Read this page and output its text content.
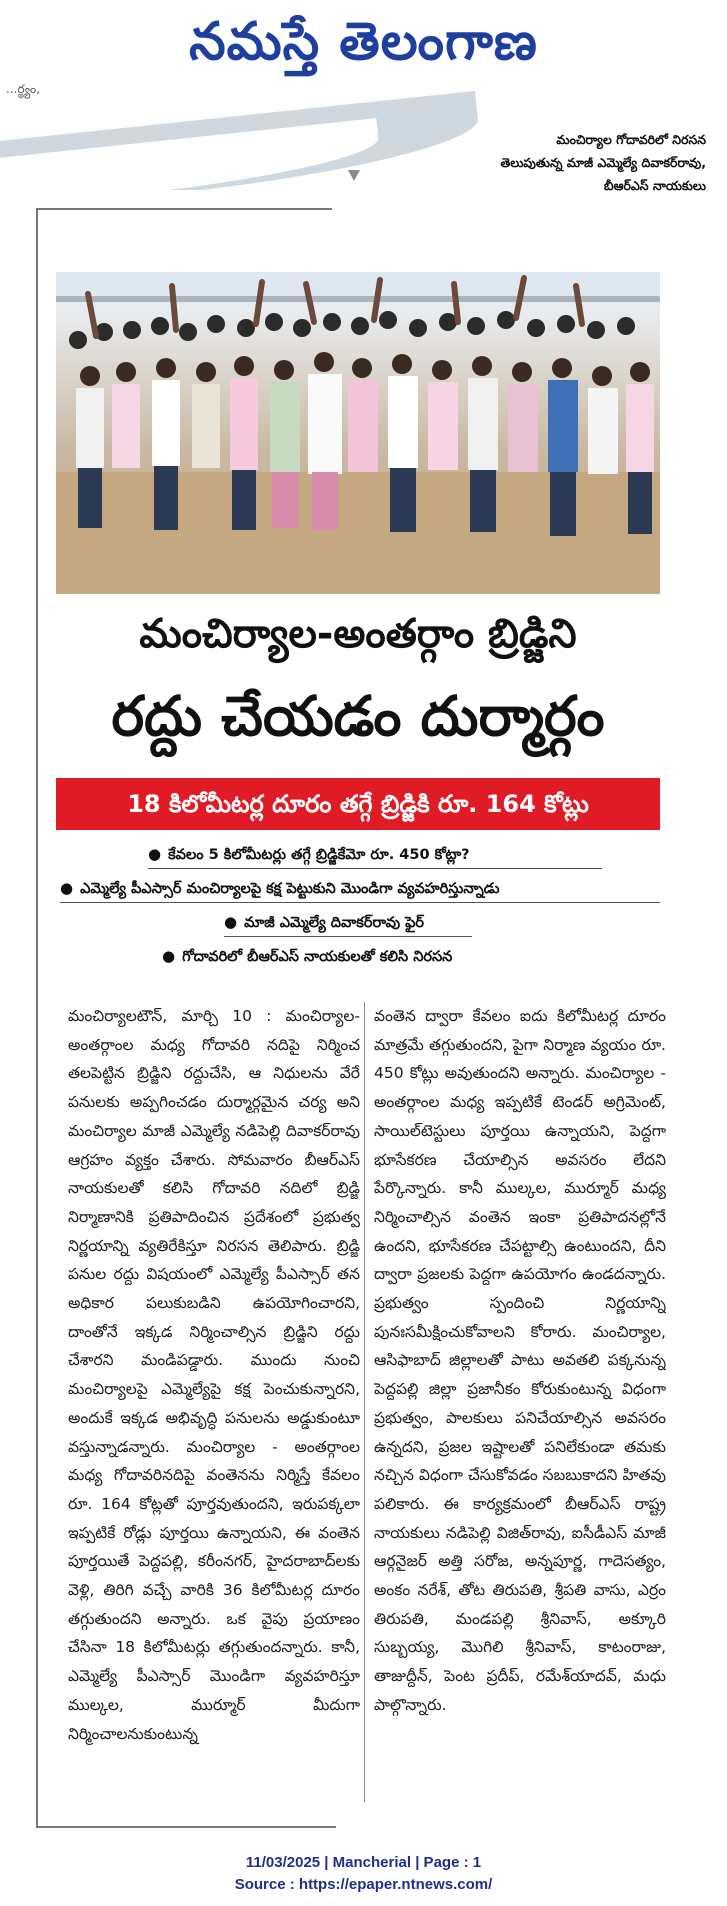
నమస్తే తెలంగాణ
...ర్థ్యం,
మంచిర్యాల గోదావరిలో నిరసన
తెలుపుతున్న మాజీ ఎమ్మెల్యే దివాకర్‌రావు,
బీఆర్‌ఎస్ నాయకులు
మంచిర్యాల-అంతర్గాం బ్రిడ్జిని
రద్దు చేయడం దుర్మార్గం
18 కిలోమీటర్ల దూరం తగ్గే బ్రిడ్జికి రూ. 164 కోట్లు
● కేవలం 5 కిలోమీటర్లు తగ్గే బ్రిడ్జికేమో రూ. 450 కోట్లా?
● ఎమ్మెల్యే పీఎస్సార్ మంచిర్యాలపై కక్ష పెట్టుకుని మొండిగా వ్యవహరిస్తున్నాడు
● మాజీ ఎమ్మెల్యే దివాకర్‌రావు ఫైర్
● గోదావరిలో బీఆర్‌ఎస్ నాయకులతో కలిసి నిరసన
మంచిర్యాలటౌన్, మార్చి 10 : మంచిర్యాల-అంతర్గాంల మధ్య గోదావరి నదిపై నిర్మించ తలపెట్టిన బ్రిడ్జిని రద్దుచేసి, ఆ నిధులను వేరే పనులకు అప్పగించడం దుర్మార్గమైన చర్య అని మంచిర్యాల మాజీ ఎమ్మెల్యే నడిపెల్లి దివాకర్‌రావు ఆగ్రహం వ్యక్తం చేశారు. సోమవారం బీఆర్‌ఎస్ నాయకులతో కలిసి గోదావరి నదిలో బ్రిడ్జి నిర్మాణానికి ప్రతిపాదించిన ప్రదేశంలో ప్రభుత్వ నిర్ణయాన్ని వ్యతిరేకిస్తూ నిరసన తెలిపారు. బ్రిడ్జి పనుల రద్దు విషయంలో ఎమ్మెల్యే పీఎస్సార్ తన అధికార పలుకుబడిని ఉపయోగించారని, దాంతోనే ఇక్కడ నిర్మించాల్సిన బ్రిడ్జిని రద్దు చేశారని మండిపడ్డారు. ముందు నుంచి మంచిర్యాలపై ఎమ్మెల్యేపై కక్ష పెంచుకున్నారని, అందుకే ఇక్కడ అభివృద్ధి పనులను అడ్డుకుంటూ వస్తున్నాడన్నారు. మంచిర్యాల - అంతర్గాంల మధ్య గోదావరినదిపై వంతెనను నిర్మిస్తే కేవలం రూ. 164 కోట్లతో పూర్తవుతుందని, ఇరుపక్కలా ఇప్పటికే రోడ్లు పూర్తయి ఉన్నాయని, ఈ వంతెన పూర్తయితే పెద్దపల్లి, కరీంనగర్, హైదరాబాద్‌లకు వెళ్లి, తిరిగి వచ్చే వారికి 36 కిలోమీటర్ల దూరం తగ్గుతుందని అన్నారు. ఒక వైపు ప్రయాణం చేసినా 18 కిలోమీటర్లు తగ్గుతుందన్నారు. కానీ, ఎమ్మెల్యే పీఎస్సార్ మొండిగా వ్యవహరిస్తూ ముల్కల, ముర్మూర్ మీదుగా నిర్మించాలనుకుంటున్న
వంతెన ద్వారా కేవలం ఐదు కిలోమీటర్ల దూరం మాత్రమే తగ్గుతుందని, పైగా నిర్మాణ వ్యయం రూ. 450 కోట్లు అవుతుందని అన్నారు. మంచిర్యాల - అంతర్గాంల మధ్య ఇప్పటికే టెండర్ అగ్రిమెంట్, సాయిల్‌టెస్టులు పూర్తయి ఉన్నాయని, పెద్దగా భూసేకరణ చేయాల్సిన అవసరం లేదని పేర్కొన్నారు. కానీ ముల్కల, ముర్మూర్ మధ్య నిర్మించాల్సిన వంతెన ఇంకా ప్రతిపాదనల్లోనే ఉందని, భూసేకరణ చేపట్టాల్సి ఉంటుందని, దీని ద్వారా ప్రజలకు పెద్దగా ఉపయోగం ఉండదన్నారు. ప్రభుత్వం స్పందించి నిర్ణయాన్ని పునఃసమీక్షించుకోవాలని కోరారు. మంచిర్యాల, ఆసిఫాబాద్ జిల్లాలతో పాటు అవతలి పక్కనున్న పెద్దపల్లి జిల్లా ప్రజానీకం కోరుకుంటున్న విధంగా ప్రభుత్వం, పాలకులు పనిచేయాల్సిన అవసరం ఉన్నదని, ప్రజల ఇష్టాలతో పనిలేకుండా తమకు నచ్చిన విధంగా చేసుకోవడం సబబుకాదని హితవు పలికారు. ఈ కార్యక్రమంలో బీఆర్‌ఎస్ రాష్ట్ర నాయకులు నడిపెల్లి విజిత్‌రావు, ఐసీడీఎస్ మాజీ ఆర్గనైజర్ అత్తి సరోజ, అన్నపూర్ణ, గాదెసత్యం, అంకం నరేశ్, తోట తిరుపతి, శ్రీపతి వాసు, ఎర్రం తిరుపతి, మండపల్లి శ్రీనివాస్, అక్కూరి సుబ్బయ్య, మొగిలి శ్రీనివాస్, కాటంరాజు, తాజుద్దీన్, పెంట ప్రదీప్, రమేశ్‌యాదవ్, మధు పాల్గొన్నారు.
11/03/2025 | Mancherial | Page : 1
Source : https://epaper.ntnews.com/
